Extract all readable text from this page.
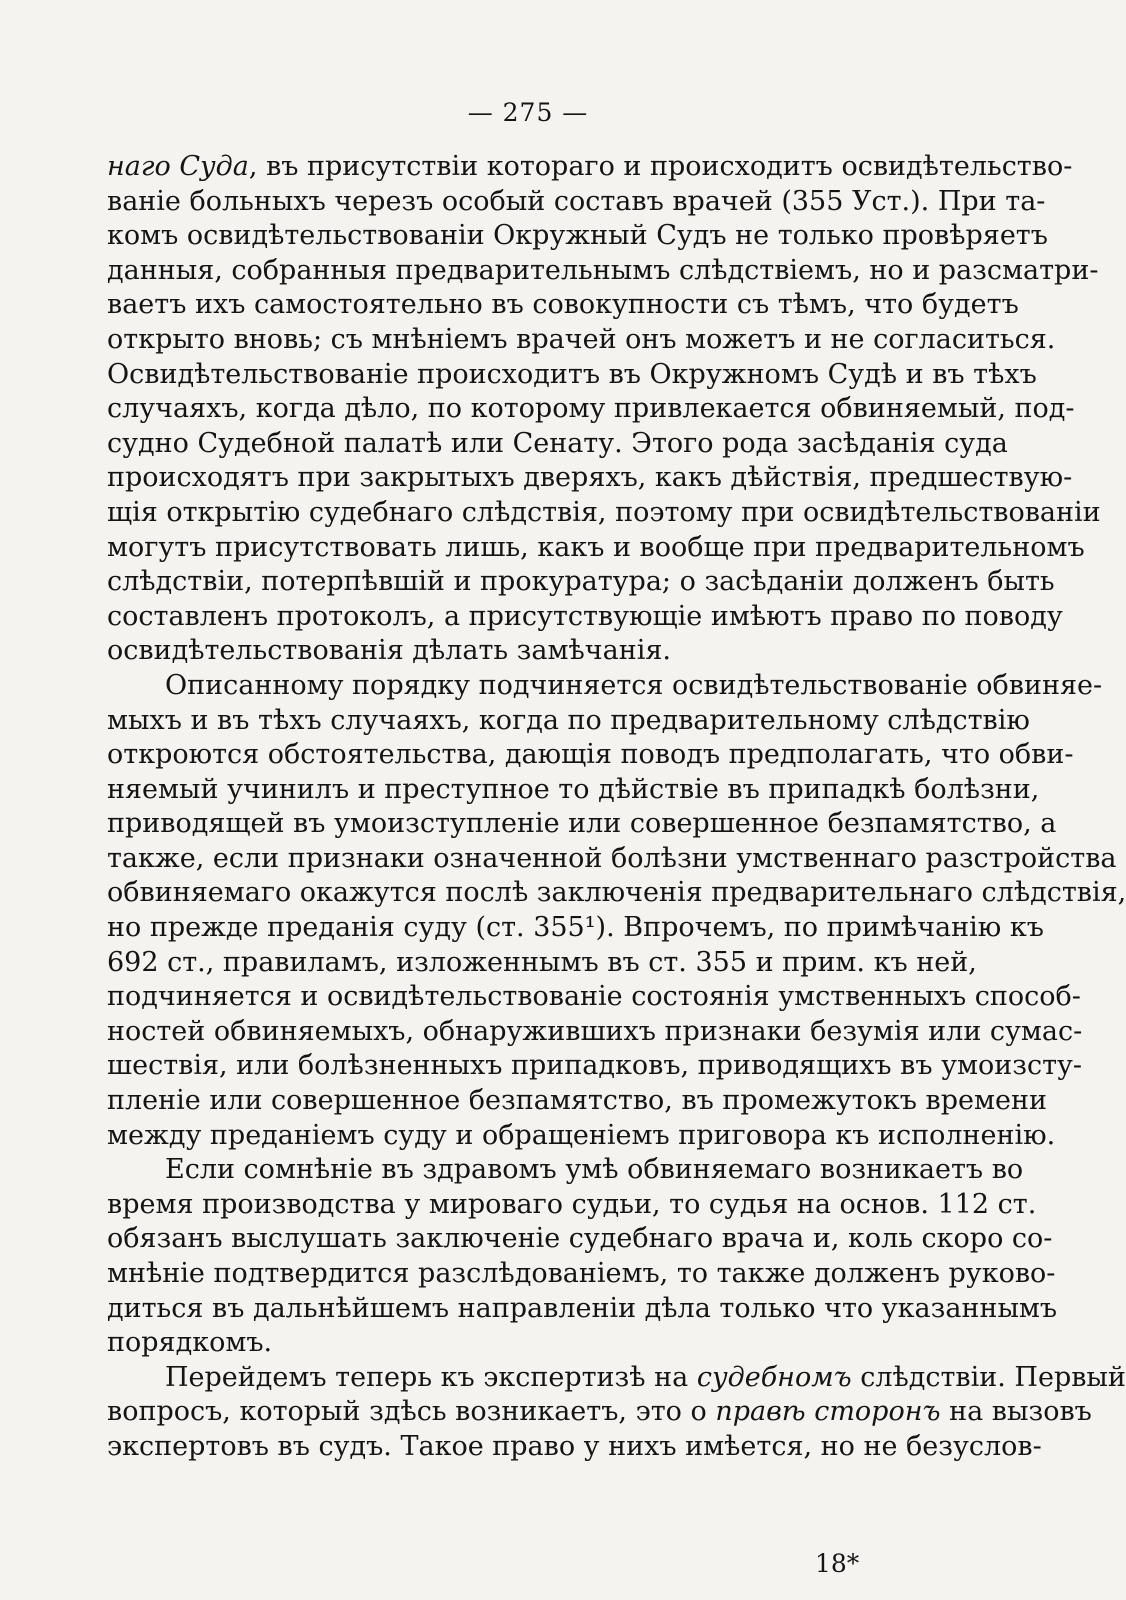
— 275 —
наго Суда, въ присутствіи котораго и происходитъ освидѣтельство-
ваніе больныхъ черезъ особый составъ врачей (355 Уст.). При та-
комъ освидѣтельствованіи Окружный Судъ не только провѣряетъ
данныя, собранныя предварительнымъ слѣдствіемъ, но и разсматри-
ваетъ ихъ самостоятельно въ совокупности съ тѣмъ, что будетъ
открыто вновь; съ мнѣніемъ врачей онъ можетъ и не согласиться.
Освидѣтельствованіе происходитъ въ Окружномъ Судѣ и въ тѣхъ
случаяхъ, когда дѣло, по которому привлекается обвиняемый, под-
судно Судебной палатѣ или Сенату. Этого рода засѣданія суда
происходятъ при закрытыхъ дверяхъ, какъ дѣйствія, предшествую-
щія открытію судебнаго слѣдствія, поэтому при освидѣтельствованіи
могутъ присутствовать лишь, какъ и вообще при предварительномъ
слѣдствіи, потерпѣвшій и прокуратура; о засѣданіи долженъ быть
составленъ протоколъ, а присутствующіе имѣютъ право по поводу
освидѣтельствованія дѣлать замѣчанія.
Описанному порядку подчиняется освидѣтельствованіе обвиняе-
мыхъ и въ тѣхъ случаяхъ, когда по предварительному слѣдствію
откроются обстоятельства, дающія поводъ предполагать, что обви-
няемый учинилъ и преступное то дѣйствіе въ припадкѣ болѣзни,
приводящей въ умоизступленіе или совершенное безпамятство, а
также, если признаки означенной болѣзни умственнаго разстройства
обвиняемаго окажутся послѣ заключенія предварительнаго слѣдствія,
но прежде преданія суду (ст. 355¹). Впрочемъ, по примѣчанію къ
692 ст., правиламъ, изложеннымъ въ ст. 355 и прим. къ ней,
подчиняется и освидѣтельствованіе состоянія умственныхъ способ-
ностей обвиняемыхъ, обнаружившихъ признаки безумія или сумас-
шествія, или болѣзненныхъ припадковъ, приводящихъ въ умоизсту-
пленіе или совершенное безпамятство, въ промежутокъ времени
между преданіемъ суду и обращеніемъ приговора къ исполненію.
Если сомнѣніе въ здравомъ умѣ обвиняемаго возникаетъ во
время производства у мироваго судьи, то судья на основ. 112 ст.
обязанъ выслушать заключеніе судебнаго врача и, коль скоро со-
мнѣніе подтвердится разслѣдованіемъ, то также долженъ руково-
диться въ дальнѣйшемъ направленіи дѣла только что указаннымъ
порядкомъ.
Перейдемъ теперь къ экспертизѣ на судебномъ слѣдствіи. Первый
вопросъ, который здѣсь возникаетъ, это о правѣ сторонъ на вызовъ
экспертовъ въ судъ. Такое право у нихъ имѣется, но не безуслов-
18*
